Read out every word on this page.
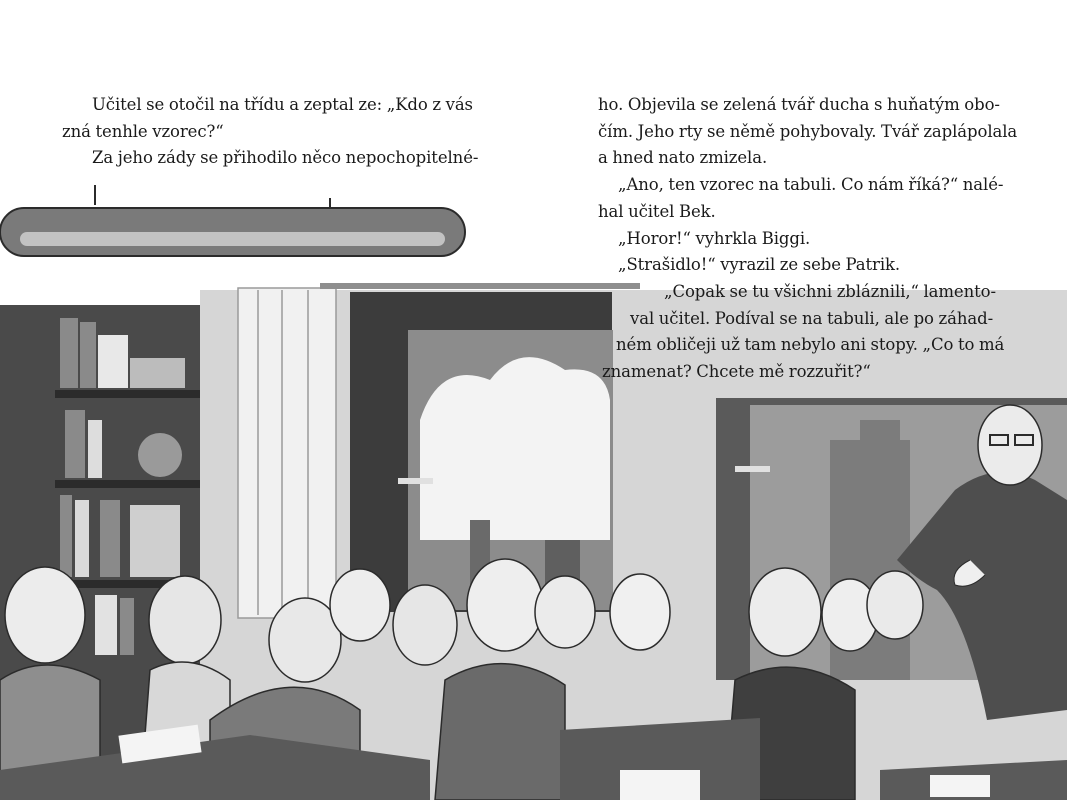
Učitel se otočil na třídu a zeptal ze: „Kdo z vás
zná tenhle vzorec?“
Za jeho zády se přihodilo něco nepochopitelné-
ho. Objevila se zelená tvář ducha s huňatým obo-
čím. Jeho rty se němě pohybovaly. Tvář zaplápolala
a hned nato zmizela.
„Ano, ten vzorec na tabuli. Co nám říká?“ nalé-
hal učitel Bek.
„Horor!“ vyhrkla Biggi.
„Strašidlo!“ vyrazil ze sebe Patrik.
„Copak se tu všichni zbláznili,“ lamento-
val učitel. Podíval se na tabuli, ale po záhad-
ném obličeji už tam nebylo ani stopy. „Co to má
znamenat? Chcete mě rozzuřit?“
